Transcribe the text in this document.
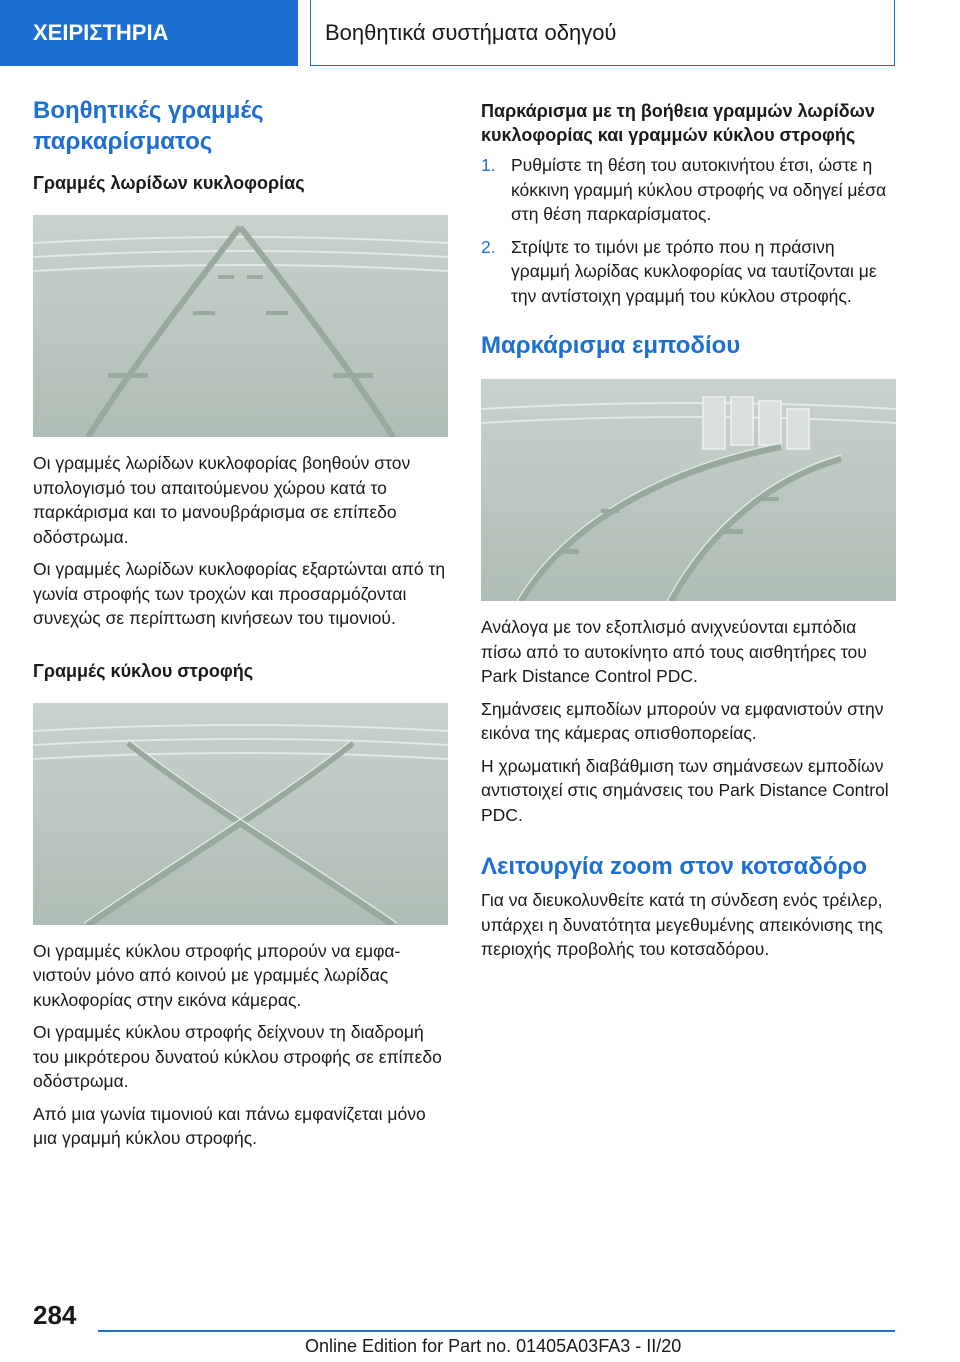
ΧΕΙΡΙΣΤΗΡΙΑ	Βοηθητικά συστήματα οδηγού
Βοηθητικές γραμμές παρκαρίσματος
Γραμμές λωρίδων κυκλοφορίας

Οι γραμμές λωρίδων κυκλοφορίας βοηθούν στον υπολογισμό του απαιτούμενου χώρου κατά το παρκάρισμα και το μανουβράρισμα σε επίπεδο οδόστρωμα.

Οι γραμμές λωρίδων κυκλοφορίας εξαρτώνται από τη γωνία στροφής των τροχών και προσαρμόζονται συνεχώς σε περίπτωση κινήσεων του τιμονιού.

Γραμμές κύκλου στροφής

Οι γραμμές κύκλου στροφής μπορούν να εμφανιστούν μόνο από κοινού με γραμμές λωρίδας κυκλοφορίας στην εικόνα κάμερας.

Οι γραμμές κύκλου στροφής δείχνουν τη διαδρομή του μικρότερου δυνατού κύκλου στροφής σε επίπεδο οδόστρωμα.

Από μια γωνία τιμονιού και πάνω εμφανίζεται μόνο μια γραμμή κύκλου στροφής.

Παρκάρισμα με τη βοήθεια γραμμών λωρίδων κυκλοφορίας και γραμμών κύκλου στροφής
1. Ρυθμίστε τη θέση του αυτοκινήτου έτσι, ώστε η κόκκινη γραμμή κύκλου στροφής να οδηγεί μέσα στη θέση παρκαρίσματος.
2. Στρίψτε το τιμόνι με τρόπο που η πράσινη γραμμή λωρίδας κυκλοφορίας να ταυτίζονται με την αντίστοιχη γραμμή του κύκλου στροφής.
Μαρκάρισμα εμποδίου

Ανάλογα με τον εξοπλισμό ανιχνεύονται εμπόδια πίσω από το αυτοκίνητο από τους αισθητήρες του Park Distance Control PDC.

Σημάνσεις εμποδίων μπορούν να εμφανιστούν στην εικόνα της κάμερας οπισθοπορείας.

Η χρωματική διαβάθμιση των σημάνσεων εμποδίων αντιστοιχεί στις σημάνσεις του Park Distance Control PDC.

Λειτουργία zoom στον κοτσαδόρο

Για να διευκολυνθείτε κατά τη σύνδεση ενός τρέιλερ, υπάρχει η δυνατότητα μεγεθυμένης απεικόνισης της περιοχής προβολής του κοτσαδόρου.

284
Online Edition for Part no. 01405A03FA3 - II/20
